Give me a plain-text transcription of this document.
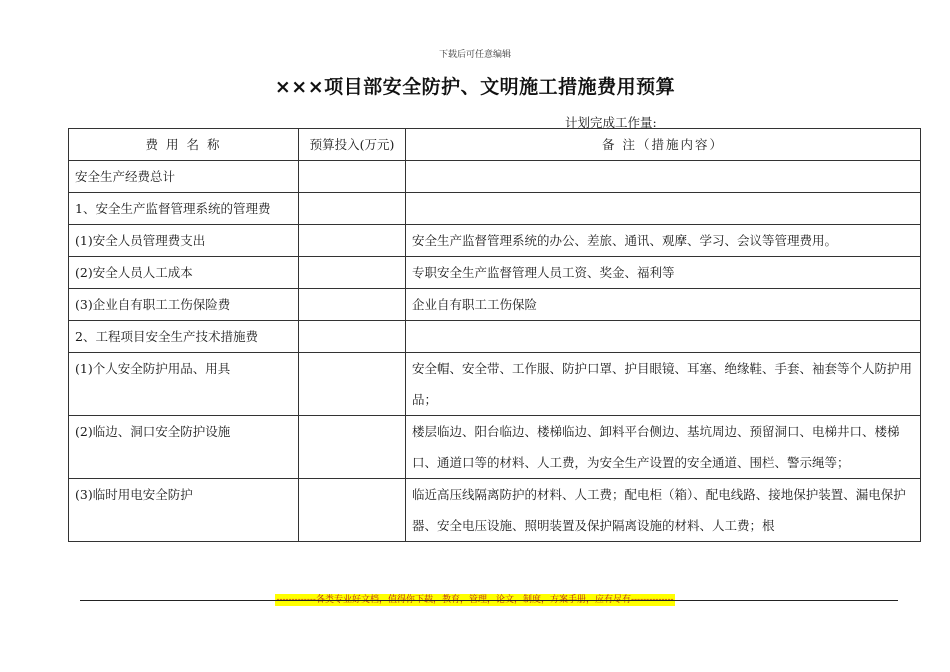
下载后可任意编辑
×××项目部安全防护、文明施工措施费用预算
计划完成工作量:
费 用 名 称	预算投入(万元)	备 注（措施内容）
安全生产经费总计		
1、安全生产监督管理系统的管理费		
(1)安全人员管理费支出		安全生产监督管理系统的办公、差旅、通讯、观摩、学习、会议等管理费用。
(2)安全人员人工成本		专职安全生产监督管理人员工资、奖金、福利等
(3)企业自有职工工伤保险费		企业自有职工工伤保险
2、工程项目安全生产技术措施费		
(1)个人安全防护用品、用具		安全帽、安全带、工作服、防护口罩、护目眼镜、耳塞、绝缘鞋、手套、袖套等个人防护用品；
(2)临边、洞口安全防护设施		楼层临边、阳台临边、楼梯临边、卸料平台侧边、基坑周边、预留洞口、电梯井口、楼梯口、通道口等的材料、人工费，为安全生产设置的安全通道、围栏、警示绳等；
(3)临时用电安全防护		临近高压线隔离防护的材料、人工费；配电柜（箱）、配电线路、接地保护装置、漏电保护器、安全电压设施、照明装置及保护隔离设施的材料、人工费；根
-------------各类专业好文档，值得你下载，教育，管理，论文，制度，方案手册，应有尽有--------------
